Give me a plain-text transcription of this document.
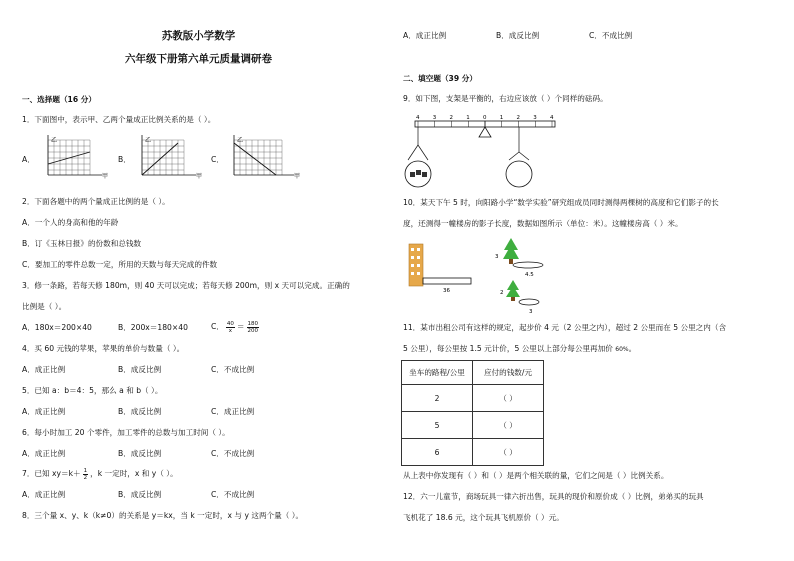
苏教版小学数学
六年级下册第六单元质量调研卷
一、选择题（16 分）
1．下面图中，表示甲、乙两个量成正比例关系的是（ ）。
A．
乙
甲
B．
乙
甲
C．
乙
甲
2．下面各题中的两个量成正比例的是（ ）。
A．一个人的身高和他的年龄
B．订《玉林日报》的份数和总钱数
C．要加工的零件总数一定，所用的天数与每天完成的件数
3．修一条路，若每天修 180m，则 40 天可以完成；若每天修 200m，则 x 天可以完成。正确的
比例是（ ）。
A．180x＝200×40	B．200x＝180×40	C． $\frac{40}{x} = \frac{180}{200}$
4．买 60 元钱的苹果，苹果的单价与数量（ ）。
A．成正比例	B．成反比例	C．不成比例
5．已知 a：b＝4：5，那么 a 和 b（ ）。
A．成正比例	B．成反比例	C．成正比例
6．每小时加工 20 个零件，加工零件的总数与加工时间（ ）。
A．成正比例	B．成反比例	C．不成比例
7．已知 $xy=k+ \frac{1}{2}$ ，k 一定时，x 和 y（ ）。
A．成正比例	B．成反比例	C．不成比例
8．三个量 x、y、k（k≠0）的关系是 y＝kx，当 k 一定时，x 与 y 这两个量（ ）。
A．成正比例	B．成反比例	C．不成比例
二、填空题（39 分）
9．如下图，支架是平衡的，右边应该放（ ）个同样的砝码。
4 3 2 1 0 1 2 3 4
10．某天下午 5 时，向阳路小学“数学实验”研究组成员同时测得两棵树的高度和它们影子的长
度，还测得一幢楼房的影子长度，数据如图所示（单位：米）。这幢楼房高（ ）米。
36
3
4.5
2
3
11．某市出租公司有这样的规定，起步价 4 元（2 公里之内），超过 2 公里而在 5 公里之内（含
5 公里），每公里按 1.5 元计价，5 公里以上部分每公里再加价 60%。
坐车的路程/公里	应付的钱数/元
2	（ ）
5	（ ）
6	（ ）
从上表中你发现有（ ）和（ ）是两个相关联的量，它们之间是（ ）比例关系。
12．六一儿童节，商场玩具一律六折出售，玩具的现价和原价成（ ）比例，弟弟买的玩具
飞机花了 18.6 元，这个玩具飞机原价（ ）元。
